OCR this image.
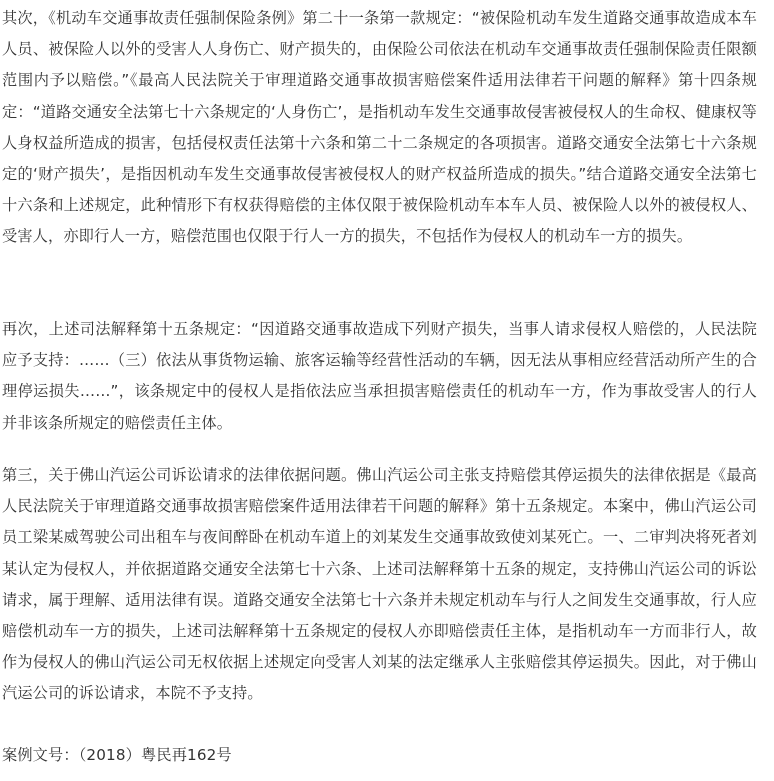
其次，《机动车交通事故责任强制保险条例》第二十一条第一款规定：“被保险机动车发生道路交通事故造成本车人员、被保险人以外的受害人人身伤亡、财产损失的，由保险公司依法在机动车交通事故责任强制保险责任限额范围内予以赔偿。”《最高人民法院关于审理道路交通事故损害赔偿案件适用法律若干问题的解释》第十四条规定：“道路交通安全法第七十六条规定的‘人身伤亡’，是指机动车发生交通事故侵害被侵权人的生命权、健康权等人身权益所造成的损害，包括侵权责任法第十六条和第二十二条规定的各项损害。道路交通安全法第七十六条规定的‘财产损失’，是指因机动车发生交通事故侵害被侵权人的财产权益所造成的损失。”结合道路交通安全法第七十六条和上述规定，此种情形下有权获得赔偿的主体仅限于被保险机动车本车人员、被保险人以外的被侵权人、受害人，亦即行人一方，赔偿范围也仅限于行人一方的损失，不包括作为侵权人的机动车一方的损失。

再次，上述司法解释第十五条规定：“因道路交通事故造成下列财产损失，当事人请求侵权人赔偿的，人民法院应予支持：……（三）依法从事货物运输、旅客运输等经营性活动的车辆，因无法从事相应经营活动所产生的合理停运损失……”，该条规定中的侵权人是指依法应当承担损害赔偿责任的机动车一方，作为事故受害人的行人并非该条所规定的赔偿责任主体。

第三，关于佛山汽运公司诉讼请求的法律依据问题。佛山汽运公司主张支持赔偿其停运损失的法律依据是《最高人民法院关于审理道路交通事故损害赔偿案件适用法律若干问题的解释》第十五条规定。本案中，佛山汽运公司员工梁某威驾驶公司出租车与夜间醉卧在机动车道上的刘某发生交通事故致使刘某死亡。一、二审判决将死者刘某认定为侵权人，并依据道路交通安全法第七十六条、上述司法解释第十五条的规定，支持佛山汽运公司的诉讼请求，属于理解、适用法律有误。道路交通安全法第七十六条并未规定机动车与行人之间发生交通事故，行人应赔偿机动车一方的损失，上述司法解释第十五条规定的侵权人亦即赔偿责任主体，是指机动车一方而非行人，故作为侵权人的佛山汽运公司无权依据上述规定向受害人刘某的法定继承人主张赔偿其停运损失。因此，对于佛山汽运公司的诉讼请求，本院不予支持。

案例文号：（2018）粤民再162号
